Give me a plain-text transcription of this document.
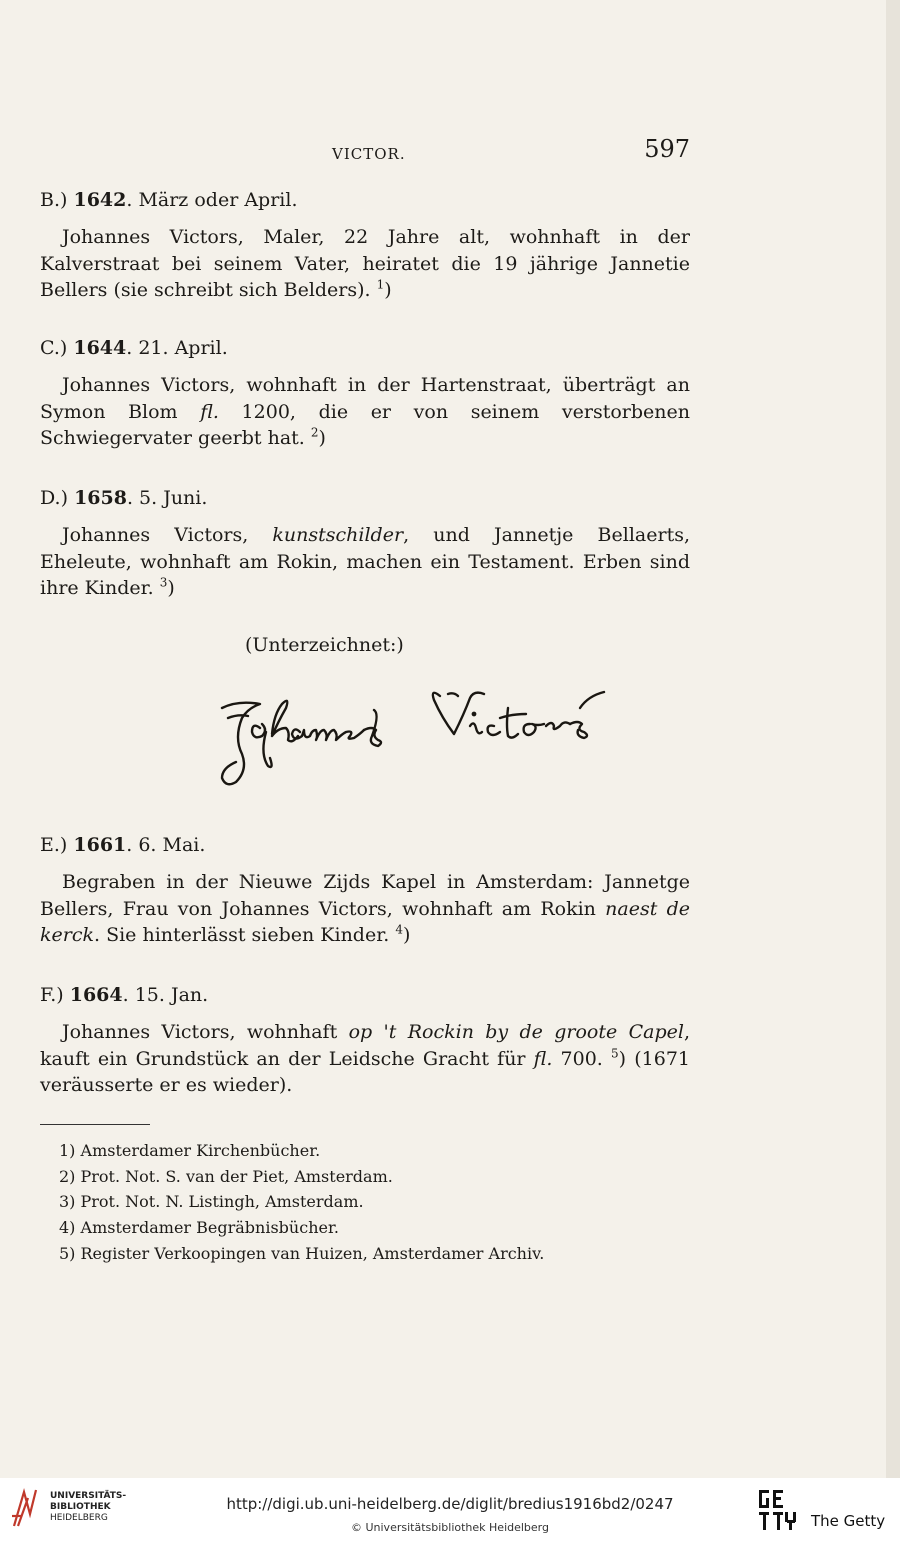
VICTOR.	597

B.) 1642. März oder April.

Johannes Victors, Maler, 22 Jahre alt, wohnhaft in der Kalverstraat bei seinem Vater, heiratet die 19 jährige Jannetie Bellers (sie schreibt sich Belders). $^1$)

C.) 1644. 21. April.

Johannes Victors, wohnhaft in der Hartenstraat, überträgt an Symon Blom fl. 1200, die er von seinem verstorbenen Schwiegervater geerbt hat. $^2$)

D.) 1658. 5. Juni.

Johannes Victors, kunstschilder, und Jannetje Bellaerts, Eheleute, wohnhaft am Rokin, machen ein Testament. Erben sind ihre Kinder. $^3$)

(Unterzeichnet:)

E.) 1661. 6. Mai.

Begraben in der Nieuwe Zijds Kapel in Amsterdam: Jannetge Bellers, Frau von Johannes Victors, wohnhaft am Rokin naest de kerck. Sie hinterlässt sieben Kinder. $^4$)

F.) 1664. 15. Jan.

Johannes Victors, wohnhaft op 't Rockin by de groote Capel, kauft ein Grundstück an der Leidsche Gracht für fl. 700. $^5$) (1671 veräusserte er es wieder).

1) Amsterdamer Kirchenbücher.
2) Prot. Not. S. van der Piet, Amsterdam.
3) Prot. Not. N. Listingh, Amsterdam.
4) Amsterdamer Begräbnisbücher.
5) Register Verkoopingen van Huizen, Amsterdamer Archiv.
UNIVERSITÄTS-
BIBLIOTHEK
HEIDELBERG
http://digi.ub.uni-heidelberg.de/diglit/bredius1916bd2/0247
© Universitätsbibliothek Heidelberg	The Getty
